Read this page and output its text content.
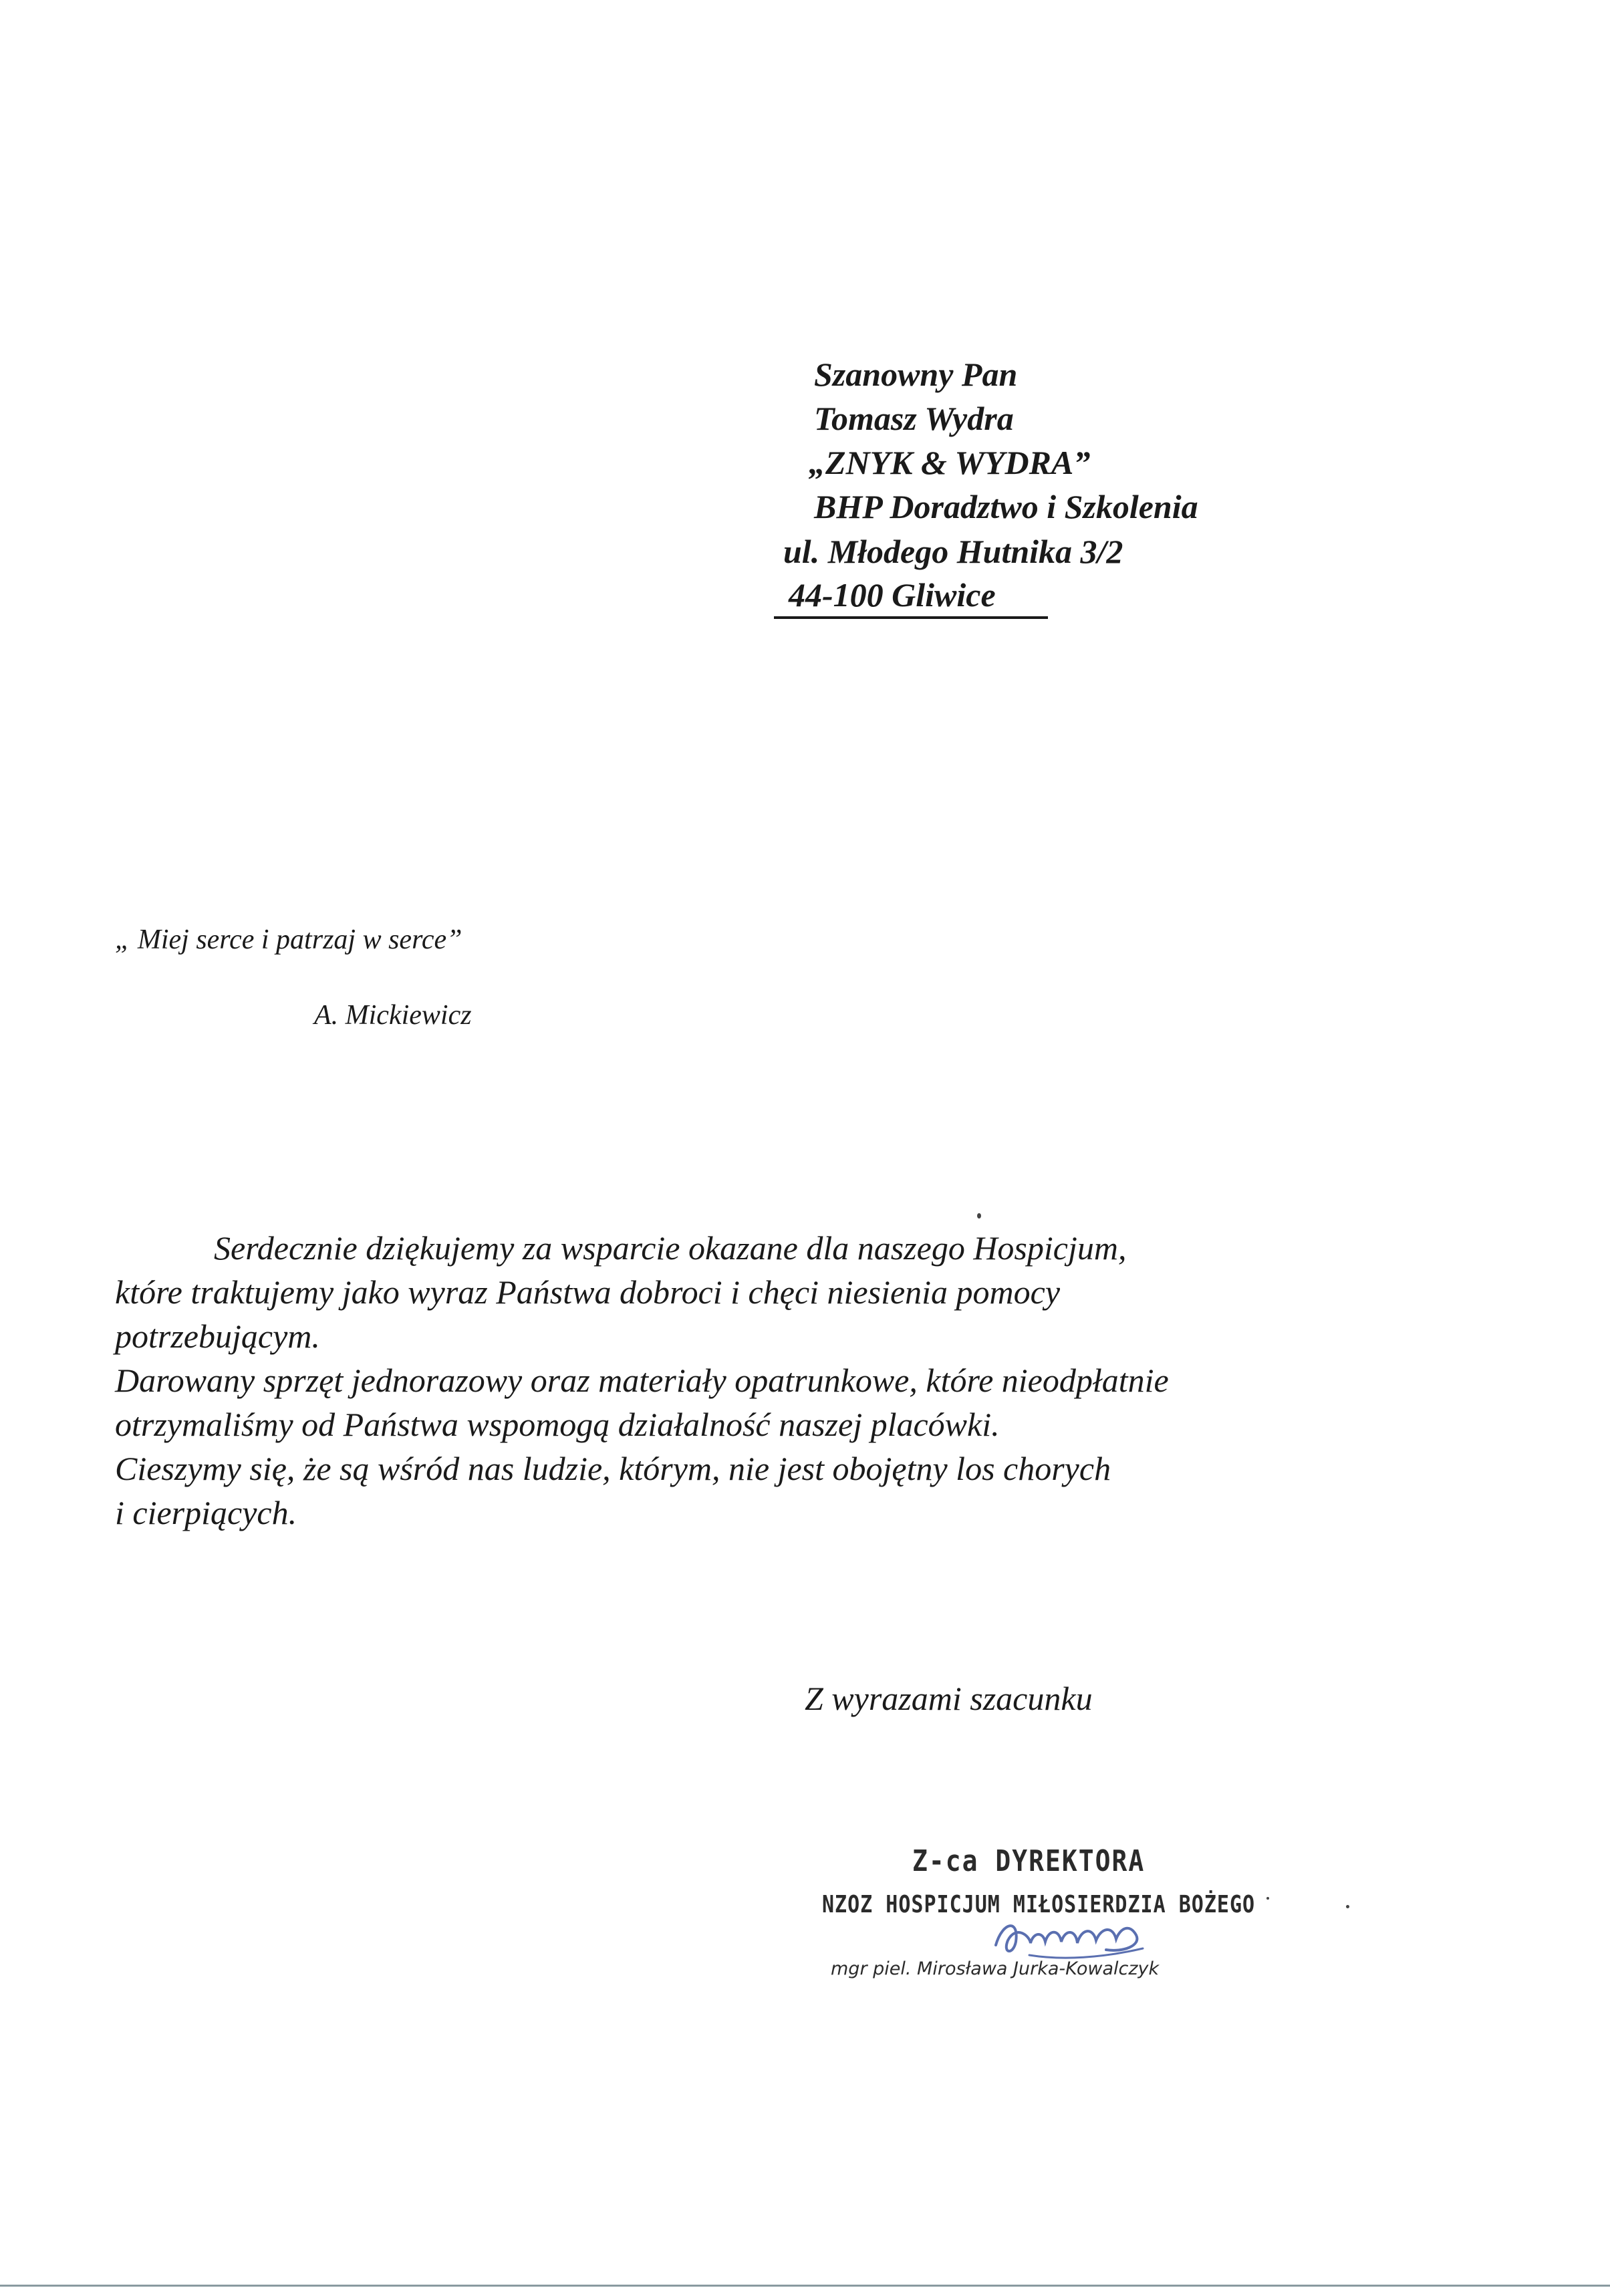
Szanowny Pan
Tomasz Wydra
„ZNYK & WYDRA”
BHP Doradztwo i Szkolenia
ul. Młodego Hutnika 3/2
44-100 Gliwice
„ Miej serce i patrzaj w serce”
A. Mickiewicz
Serdecznie dziękujemy za wsparcie okazane dla naszego Hospicjum,
które traktujemy jako wyraz Państwa dobroci i chęci niesienia pomocy
potrzebującym.
Darowany sprzęt jednorazowy oraz materiały opatrunkowe, które nieodpłatnie
otrzymaliśmy od Państwa wspomogą działalność naszej placówki.
Cieszymy się, że są wśród nas ludzie, którym, nie jest obojętny los chorych
i cierpiących.
Z wyrazami szacunku
Z-ca DYREKTORA
NZOZ HOSPICJUM MIŁOSIERDZIA BOŻEGO
mgr piel. Mirosława Jurka-Kowalczyk
